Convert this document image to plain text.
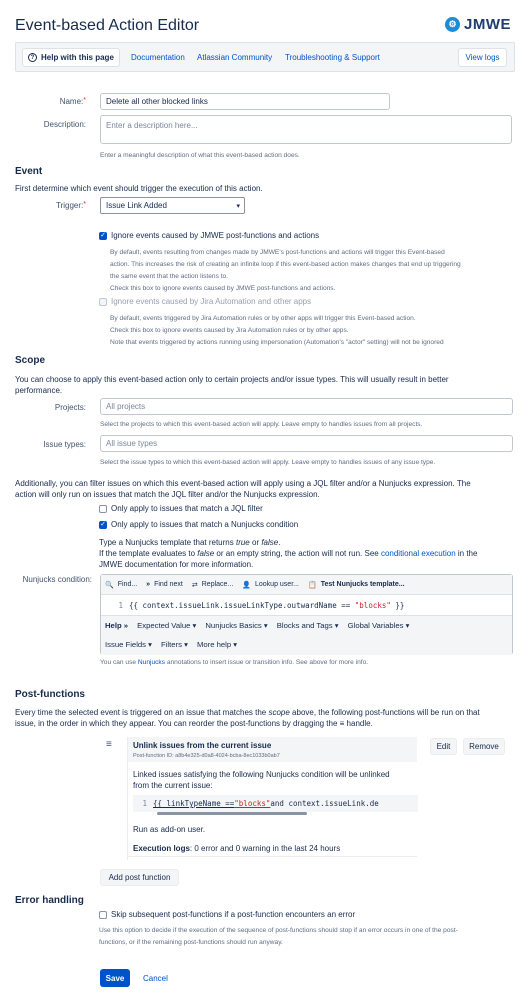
Event-based Action Editor	⚙ JMWE
? Help with this page Documentation Atlassian Community Troubleshooting & Support	View logs
Name:*	Delete all other blocked links
Description:	Enter a description here...
Enter a meaningful description of what this event-based action does.
Event
First determine which event should trigger the execution of this action.
Trigger:*	Issue Link Added	▾
✓ Ignore events caused by JMWE post-functions and actions
By default, events resulting from changes made by JMWE's post-functions and actions will trigger this Event-based
action. This increases the risk of creating an infinite loop if this event-based action makes changes that end up triggering
the same event that the action listens to.
Check this box to ignore events caused by JMWE post-functions and actions.
Ignore events caused by Jira Automation and other apps
By default, events triggered by Jira Automation rules or by other apps will trigger this Event-based action.
Check this box to ignore events caused by Jira Automation rules or by other apps.
Note that events triggered by actions running using impersonation (Automation's "actor" setting) will not be ignored
Scope
You can choose to apply this event-based action only to certain projects and/or issue types. This will usually result in better
performance.
Projects:	All projects
Select the projects to which this event-based action will apply. Leave empty to handles issues from all projects.
Issue types:	All issue types
Select the issue types to which this event-based action will apply. Leave empty to handles issues of any issue type.
Additionally, you can filter issues on which this event-based action will apply using a JQL filter and/or a Nunjucks expression. The
action will only run on issues that match the JQL filter and/or the Nunjucks expression.
Only apply to issues that match a JQL filter
✓ Only apply to issues that match a Nunjucks condition
Type a Nunjucks template that returns true or false.
If the template evaluates to false or an empty string, the action will not run. See conditional execution in the
JMWE documentation for more information.
Nunjucks condition:
🔍 Find... » Find next ⇄ Replace... 👤 Lookup user... 📋 Test Nunjucks template...
1 {{ context.issueLink.issueLinkType.outwardName == "blocks" }}
Help » Expected Value ▾ Nunjucks Basics ▾ Blocks and Tags ▾ Global Variables ▾
Issue Fields ▾ Filters ▾ More help ▾
You can use Nunjucks annotations to insert issue or transition info. See above for more info.
Post-functions
Every time the selected event is triggered on an issue that matches the scope above, the following post-functions will be run on that
issue, in the order in which they appear. You can reorder the post-functions by dragging the ≡ handle.
≡	Unlink issues from the current issue
Post-function ID: a8b4e325-d0a8-4024-bcba-8ec1033b0ab7
Edit	Remove
Linked issues satisfying the following Nunjucks condition will be unlinked
from the current issue:
1 {{ linkTypeName == "blocks" and context.issueLink.de
Run as add-on user.
Execution logs: 0 error and 0 warning in the last 24 hours
Add post function
Error handling
Skip subsequent post-functions if a post-function encounters an error
Use this option to decide if the execution of the sequence of post-functions should stop if an error occurs in one of the post-
functions, or if the remaining post-functions should run anyway.
Save	Cancel
